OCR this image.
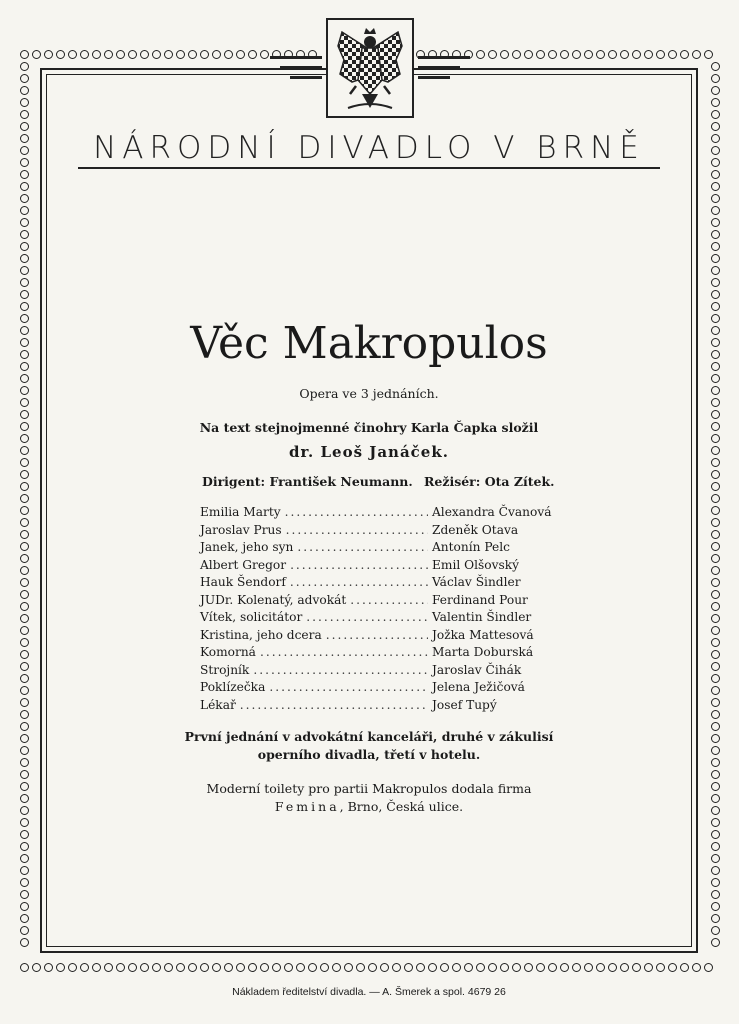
NÁRODNÍ DIVADLO V BRNĚ
Věc Makropulos
Opera ve 3 jednáních.
Na text stejnojmenné činohry Karla Čapka složil
dr. Leoš Janáček.
Dirigent: František Neumann. Režisér: Ota Zítek.
Emilia Marty .....	Alexandra Čvanová
Jaroslav Prus .....	Zdeněk Otava
Janek, jeho syn .....	Antonín Pelc
Albert Gregor .....	Emil Olšovský
Hauk Šendorf .....	Václav Šindler
JUDr. Kolenatý, advokát .....	Ferdinand Pour
Vítek, solicitátor .....	Valentin Šindler
Kristina, jeho dcera .....	Jožka Mattesová
Komorná .....	Marta Doburská
Strojník .....	Jaroslav Čihák
Poklízečka .....	Jelena Ježičová
Lékař .....	Josef Tupý
První jednání v advokátní kanceláři, druhé v zákulisí
operního divadla, třetí v hotelu.
Moderní toilety pro partii Makropulos dodala firma
Femina, Brno, Česká ulice.
Nákladem ředitelství divadla. — A. Šmerek a spol. 4679 26
